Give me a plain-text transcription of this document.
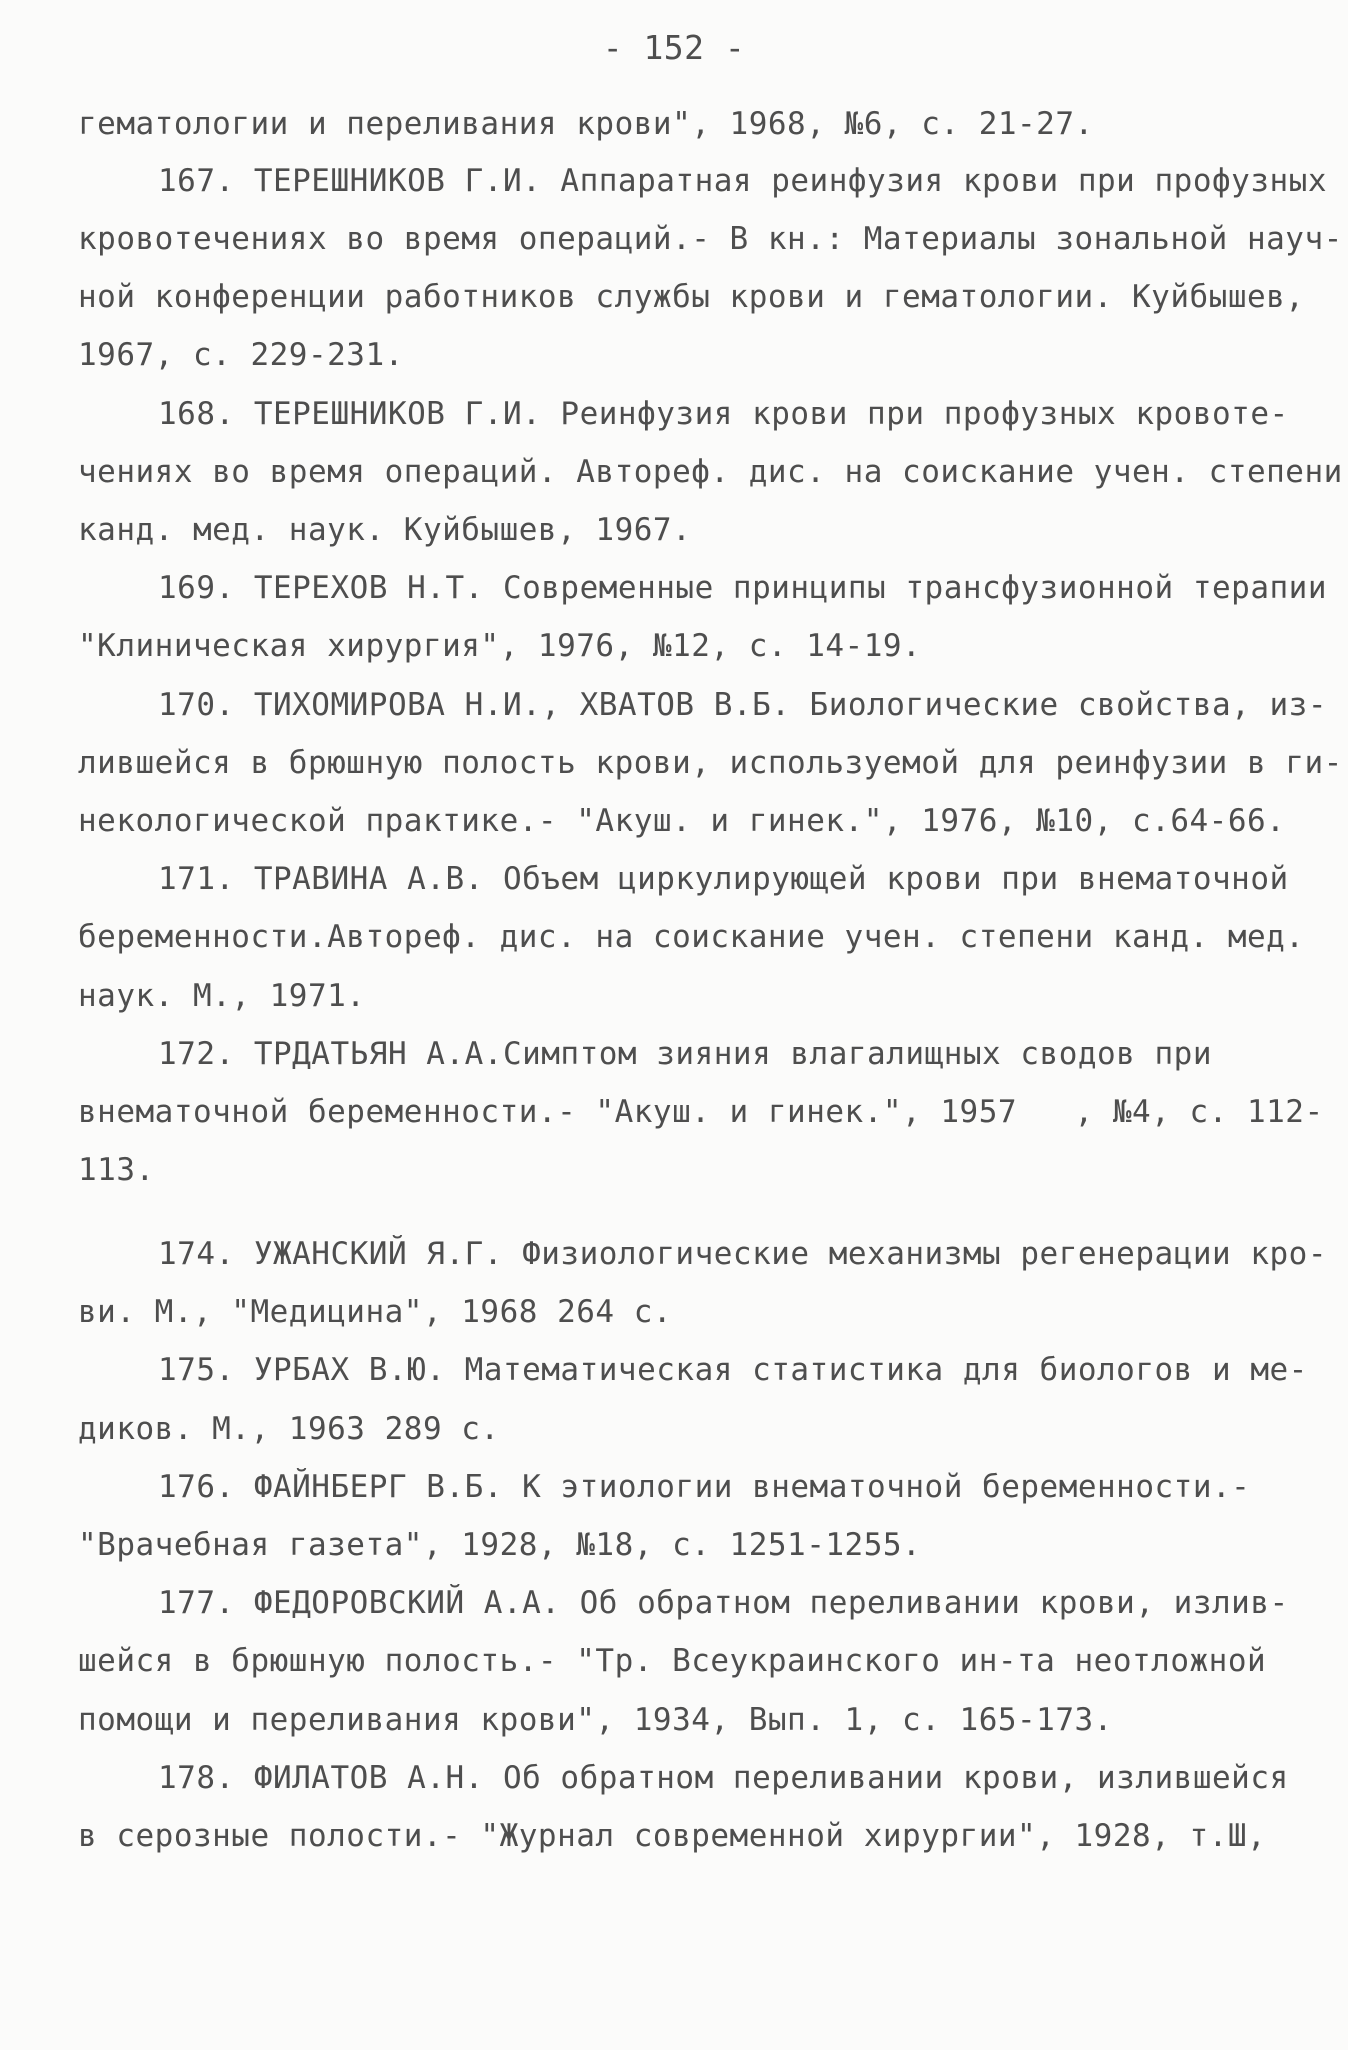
- 152 -
гематологии и переливания крови", 1968, №6, с. 21-27.
167. ТЕРЕШНИКОВ Г.И. Аппаратная реинфузия крови при профузных
кровотечениях во время операций.- В кн.: Материалы зональной науч-
ной конференции работников службы крови и гематологии. Куйбышев,
1967, с. 229-231.
168. ТЕРЕШНИКОВ Г.И. Реинфузия крови при профузных кровоте-
чениях во время операций. Автореф. дис. на соискание учен. степени
канд. мед. наук. Куйбышев, 1967.
169. ТЕРЕХОВ Н.Т. Современные принципы трансфузионной терапии
"Клиническая хирургия", 1976, №12, с. 14-19.
170. ТИХОМИРОВА Н.И., ХВАТОВ В.Б. Биологические свойства, из-
лившейся в брюшную полость крови, используемой для реинфузии в ги-
некологической практике.- "Акуш. и гинек.", 1976, №10, с.64-66.
171. ТРАВИНА А.В. Объем циркулирующей крови при внематочной
беременности.Автореф. дис. на соискание учен. степени канд. мед.
наук. М., 1971.
172. ТРДАТЬЯН А.А.Симптом зияния влагалищных сводов при
внематочной беременности.- "Акуш. и гинек.", 1957   , №4, с. 112-
113.
174. УЖАНСКИЙ Я.Г. Физиологические механизмы регенерации кро-
ви. М., "Медицина", 1968 264 с.
175. УРБАХ В.Ю. Математическая статистика для биологов и ме-
диков. М., 1963 289 с.
176. ФАЙНБЕРГ В.Б. К этиологии внематочной беременности.-
"Врачебная газета", 1928, №18, с. 1251-1255.
177. ФЕДОРОВСКИЙ А.А. Об обратном переливании крови, излив-
шейся в брюшную полость.- "Тр. Всеукраинского ин-та неотложной
помощи и переливания крови", 1934, Вып. 1, с. 165-173.
178. ФИЛАТОВ А.Н. Об обратном переливании крови, излившейся
в серозные полости.- "Журнал современной хирургии", 1928, т.Ш,
